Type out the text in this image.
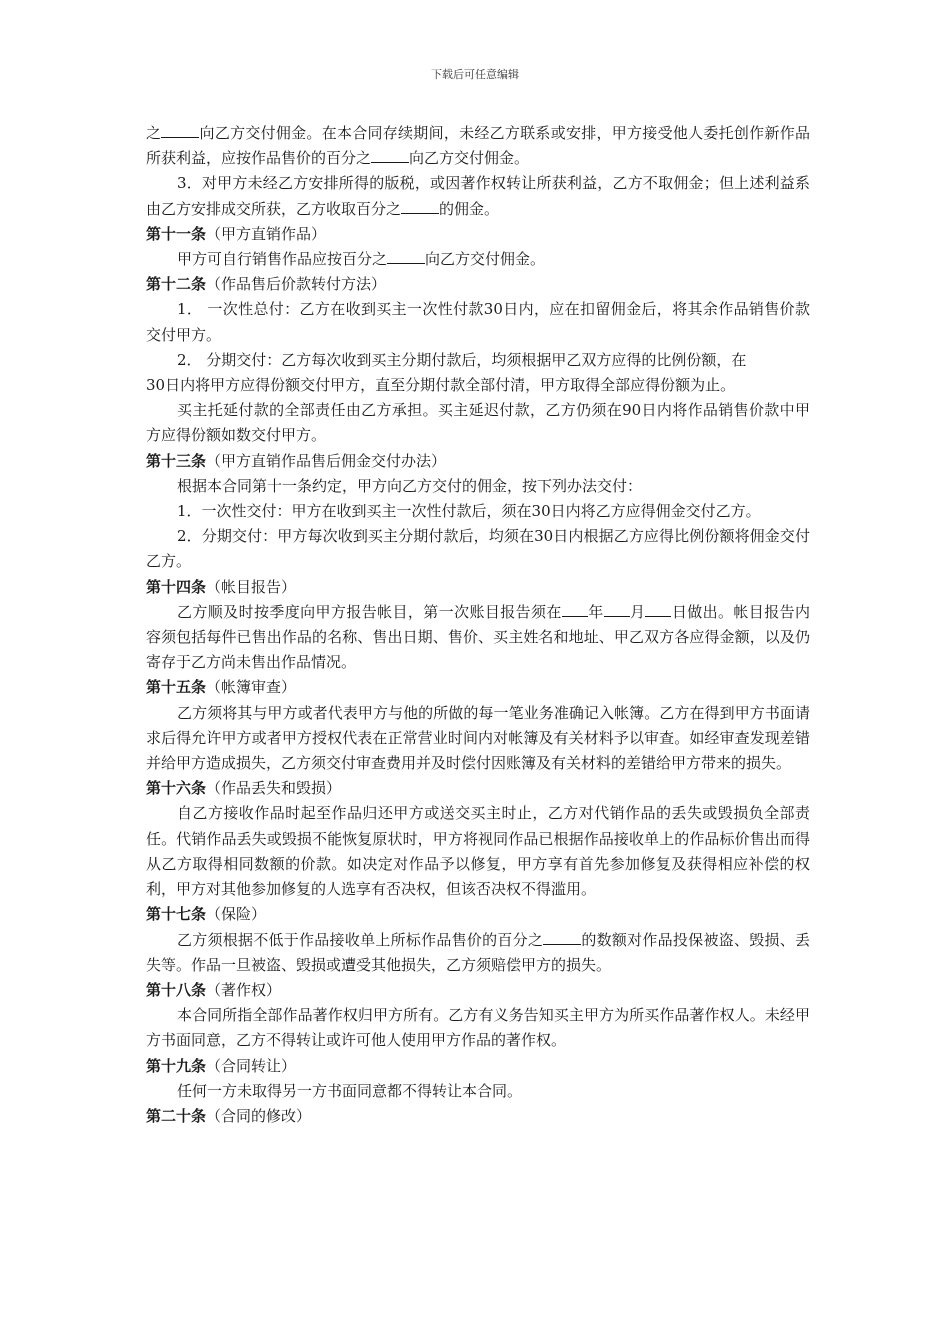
下载后可任意编辑

之	向乙方交付佣金。在本合同存续期间，未经乙方联系或安排，甲方接受他人委托创作新作品所获利益，应按作品售价的百分之	向乙方交付佣金。

3．对甲方未经乙方安排所得的版税，或因著作权转让所获利益，乙方不取佣金；但上述利益系由乙方安排成交所获，乙方收取百分之	的佣金。

第十一条（甲方直销作品）

甲方可自行销售作品应按百分之	向乙方交付佣金。

第十二条（作品售后价款转付方法）

1． 一次性总付：乙方在收到买主一次性付款30日内，应在扣留佣金后，将其余作品销售价款交付甲方。

2． 分期交付：乙方每次收到买主分期付款后，均须根据甲乙双方应得的比例份额，在

30日内将甲方应得份额交付甲方，直至分期付款全部付清，甲方取得全部应得份额为止。

买主托延付款的全部责任由乙方承担。买主延迟付款，乙方仍须在90日内将作品销售价款中甲方应得份额如数交付甲方。

第十三条（甲方直销作品售后佣金交付办法）

根据本合同第十一条约定，甲方向乙方交付的佣金，按下列办法交付：

1．一次性交付：甲方在收到买主一次性付款后，须在30日内将乙方应得佣金交付乙方。

2．分期交付：甲方每次收到买主分期付款后，均须在30日内根据乙方应得比例份额将佣金交付乙方。

第十四条（帐目报告）

乙方顺及时按季度向甲方报告帐目，第一次账目报告须在 年 月 日做出。帐目报告内容须包括每件已售出作品的名称、售出日期、售价、买主姓名和地址、甲乙双方各应得金额，以及仍寄存于乙方尚未售出作品情况。

第十五条（帐簿审查）

乙方须将其与甲方或者代表甲方与他的所做的每一笔业务准确记入帐簿。乙方在得到甲方书面请求后得允许甲方或者甲方授权代表在正常营业时间内对帐簿及有关材料予以审查。如经审查发现差错并给甲方造成损失，乙方须交付审查费用并及时偿付因账簿及有关材料的差错给甲方带来的损失。

第十六条（作品丢失和毁损）

自乙方接收作品时起至作品归还甲方或送交买主时止，乙方对代销作品的丢失或毁损负全部责任。代销作品丢失或毁损不能恢复原状时，甲方将视同作品已根据作品接收单上的作品标价售出而得从乙方取得相同数额的价款。如决定对作品予以修复，甲方享有首先参加修复及获得相应补偿的权利，甲方对其他参加修复的人选享有否决权，但该否决权不得滥用。

第十七条（保险）

乙方须根据不低于作品接收单上所标作品售价的百分之	的数额对作品投保被盗、毁损、丢失等。作品一旦被盗、毁损或遭受其他损失，乙方须赔偿甲方的损失。

第十八条（著作权）

本合同所指全部作品著作权归甲方所有。乙方有义务告知买主甲方为所买作品著作权人。未经甲方书面同意，乙方不得转让或许可他人使用甲方作品的著作权。

第十九条（合同转让）

任何一方未取得另一方书面同意都不得转让本合同。

第二十条（合同的修改）
